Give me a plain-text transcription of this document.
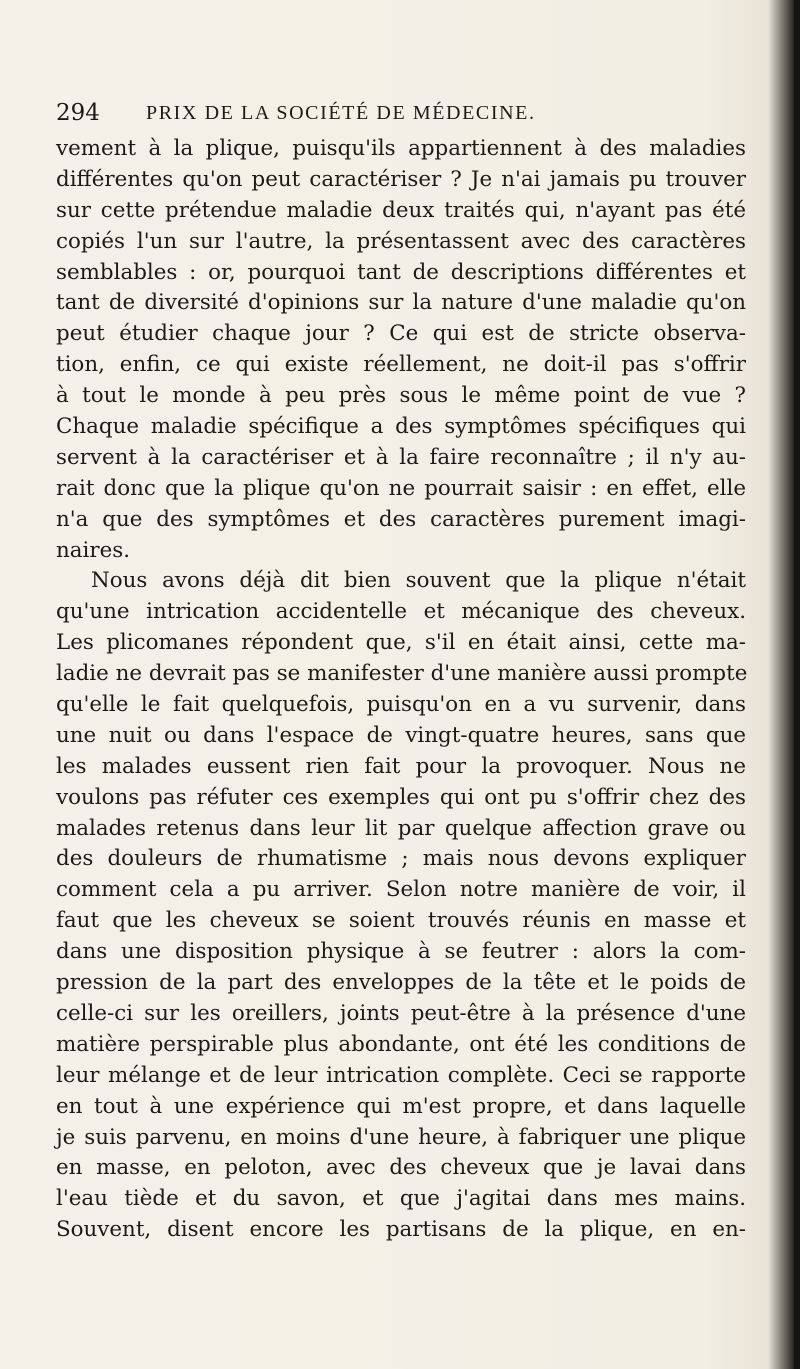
294 PRIX DE LA SOCIÉTÉ DE MÉDECINE.
vement à la plique, puisqu'ils appartiennent à des maladies
différentes qu'on peut caractériser ? Je n'ai jamais pu trouver
sur cette prétendue maladie deux traités qui, n'ayant pas été
copiés l'un sur l'autre, la présentassent avec des caractères
semblables : or, pourquoi tant de descriptions différentes et
tant de diversité d'opinions sur la nature d'une maladie qu'on
peut étudier chaque jour ? Ce qui est de stricte observa-
tion, enfin, ce qui existe réellement, ne doit-il pas s'offrir
à tout le monde à peu près sous le même point de vue ?
Chaque maladie spécifique a des symptômes spécifiques qui
servent à la caractériser et à la faire reconnaître ; il n'y au-
rait donc que la plique qu'on ne pourrait saisir : en effet, elle
n'a que des symptômes et des caractères purement imagi-
naires.
Nous avons déjà dit bien souvent que la plique n'était
qu'une intrication accidentelle et mécanique des cheveux.
Les plicomanes répondent que, s'il en était ainsi, cette ma-
ladie ne devrait pas se manifester d'une manière aussi prompte
qu'elle le fait quelquefois, puisqu'on en a vu survenir, dans
une nuit ou dans l'espace de vingt-quatre heures, sans que
les malades eussent rien fait pour la provoquer. Nous ne
voulons pas réfuter ces exemples qui ont pu s'offrir chez des
malades retenus dans leur lit par quelque affection grave ou
des douleurs de rhumatisme ; mais nous devons expliquer
comment cela a pu arriver. Selon notre manière de voir, il
faut que les cheveux se soient trouvés réunis en masse et
dans une disposition physique à se feutrer : alors la com-
pression de la part des enveloppes de la tête et le poids de
celle-ci sur les oreillers, joints peut-être à la présence d'une
matière perspirable plus abondante, ont été les conditions de
leur mélange et de leur intrication complète. Ceci se rapporte
en tout à une expérience qui m'est propre, et dans laquelle
je suis parvenu, en moins d'une heure, à fabriquer une plique
en masse, en peloton, avec des cheveux que je lavai dans
l'eau tiède et du savon, et que j'agitai dans mes mains.
Souvent, disent encore les partisans de la plique, en en-
